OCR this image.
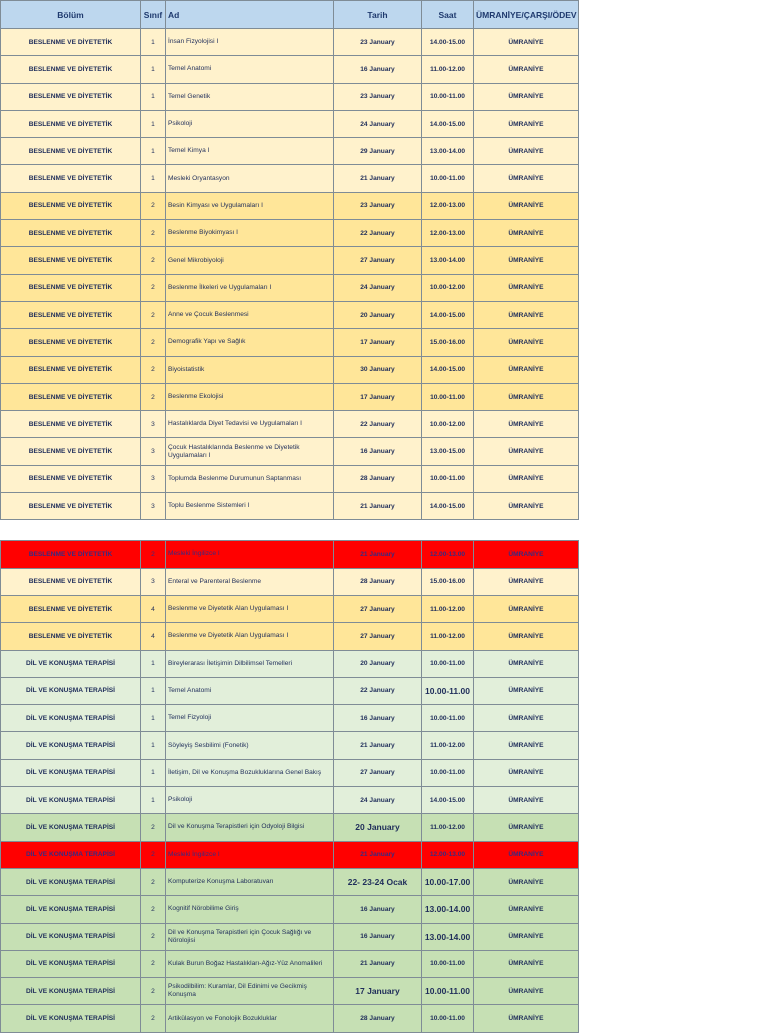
Bölüm	Sınıf	Ad	Tarih	Saat	ÜMRANİYE/ÇARŞI/ÖDEV
BESLENME VE DİYETETİK	1	İnsan Fizyolojisi I	23 January	14.00-15.00	ÜMRANİYE
BESLENME VE DİYETETİK	1	Temel Anatomi	16 January	11.00-12.00	ÜMRANİYE
BESLENME VE DİYETETİK	1	Temel Genetik	23 January	10.00-11.00	ÜMRANİYE
BESLENME VE DİYETETİK	1	Psikoloji	24 January	14.00-15.00	ÜMRANİYE
BESLENME VE DİYETETİK	1	Temel Kimya I	29 January	13.00-14.00	ÜMRANİYE
BESLENME VE DİYETETİK	1	Mesleki Oryantasyon	21 January	10.00-11.00	ÜMRANİYE
BESLENME VE DİYETETİK	2	Besin Kimyası ve Uygulamaları I	23 January	12.00-13.00	ÜMRANİYE
BESLENME VE DİYETETİK	2	Beslenme Biyokimyası I	22 January	12.00-13.00	ÜMRANİYE
BESLENME VE DİYETETİK	2	Genel Mikrobiyoloji	27 January	13.00-14.00	ÜMRANİYE
BESLENME VE DİYETETİK	2	Beslenme İlkeleri ve Uygulamaları I	24 January	10.00-12.00	ÜMRANİYE
BESLENME VE DİYETETİK	2	Anne ve Çocuk Beslenmesi	20 January	14.00-15.00	ÜMRANİYE
BESLENME VE DİYETETİK	2	Demografik Yapı ve Sağlık	17 January	15.00-16.00	ÜMRANİYE
BESLENME VE DİYETETİK	2	Biyoistatistik	30 January	14.00-15.00	ÜMRANİYE
BESLENME VE DİYETETİK	2	Beslenme Ekolojisi	17 January	10.00-11.00	ÜMRANİYE
BESLENME VE DİYETETİK	3	Hastalıklarda Diyet Tedavisi ve Uygulamaları I	22 January	10.00-12.00	ÜMRANİYE
BESLENME VE DİYETETİK	3	Çocuk Hastalıklarında Beslenme ve Diyetetik Uygulamaları I	16 January	13.00-15.00	ÜMRANİYE
BESLENME VE DİYETETİK	3	Toplumda Beslenme Durumunun Saptanması	28 January	10.00-11.00	ÜMRANİYE
BESLENME VE DİYETETİK	3	Toplu Beslenme Sistemleri I	21 January	14.00-15.00	ÜMRANİYE
BESLENME VE DİYETETİK	2	Mesleki İngilizce I	21 January	12.00-13.00	ÜMRANİYE
BESLENME VE DİYETETİK	3	Enteral ve Parenteral Beslenme	28 January	15.00-16.00	ÜMRANİYE
BESLENME VE DİYETETİK	4	Beslenme ve Diyetetik Alan Uygulaması I	27 January	11.00-12.00	ÜMRANİYE
BESLENME VE DİYETETİK	4	Beslenme ve Diyetetik Alan Uygulaması I	27 January	11.00-12.00	ÜMRANİYE
DİL VE KONUŞMA TERAPİSİ	1	Bireylerarası İletişimin Dilbilimsel Temelleri	20 January	10.00-11.00	ÜMRANİYE
DİL VE KONUŞMA TERAPİSİ	1	Temel Anatomi	22 January	10.00-11.00	ÜMRANİYE
DİL VE KONUŞMA TERAPİSİ	1	Temel Fizyoloji	16 January	10.00-11.00	ÜMRANİYE
DİL VE KONUŞMA TERAPİSİ	1	Söyleyiş Sesbilimi (Fonetik)	21 January	11.00-12.00	ÜMRANİYE
DİL VE KONUŞMA TERAPİSİ	1	İletişim, Dil ve Konuşma Bozukluklarına Genel Bakış	27 January	10.00-11.00	ÜMRANİYE
DİL VE KONUŞMA TERAPİSİ	1	Psikoloji	24 January	14.00-15.00	ÜMRANİYE
DİL VE KONUŞMA TERAPİSİ	2	Dil ve Konuşma Terapistleri için Odyoloji Bilgisi	20 January	11.00-12.00	ÜMRANİYE
DİL VE KONUŞMA TERAPİSİ	2	Mesleki İngilizce I	21 January	12.00-13.00	ÜMRANİYE
DİL VE KONUŞMA TERAPİSİ	2	Komputerize Konuşma Laboratuvarı	22- 23-24 Ocak	10.00-17.00	ÜMRANİYE
DİL VE KONUŞMA TERAPİSİ	2	Kognitif Nörobilime Giriş	16 January	13.00-14.00	ÜMRANİYE
DİL VE KONUŞMA TERAPİSİ	2	Dil ve Konuşma Terapistleri için Çocuk Sağlığı ve Nörolojisi	16 January	13.00-14.00	ÜMRANİYE
DİL VE KONUŞMA TERAPİSİ	2	Kulak Burun Boğaz Hastalıkları-Ağız-Yüz Anomalileri	21 January	10.00-11.00	ÜMRANİYE
DİL VE KONUŞMA TERAPİSİ	2	Psikodilbilim: Kuramlar, Dil Edinimi ve Gecikmiş Konuşma	17 January	10.00-11.00	ÜMRANİYE
DİL VE KONUŞMA TERAPİSİ	2	Artikülasyon ve Fonolojik Bozukluklar	28 January	10.00-11.00	ÜMRANİYE
